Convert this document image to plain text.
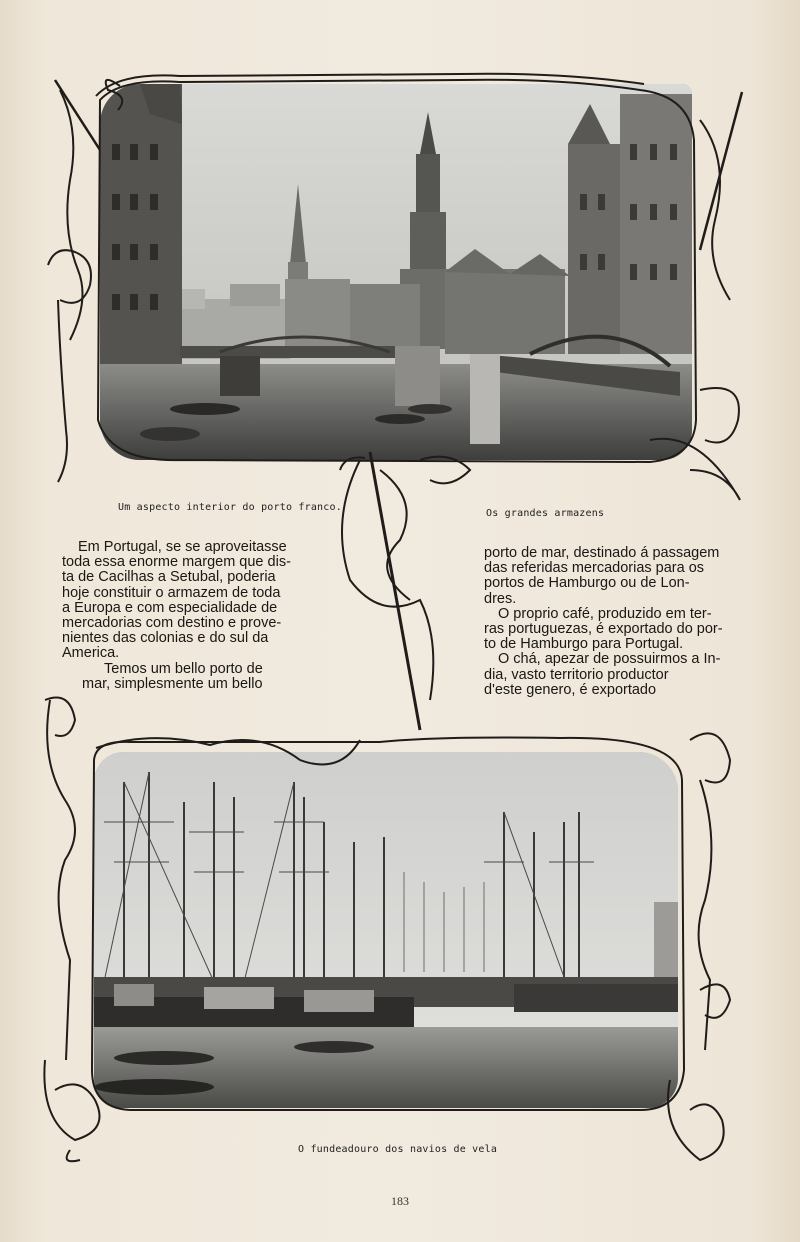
Um aspecto interior do porto franco.
Os grandes armazens
O fundeadouro dos navios de vela
Em Portugal, se se aproveitasse
toda essa enorme margem que dis-
ta de Cacilhas a Setubal, poderia
hoje constituir o armazem de toda
a Europa e com especialidade de
mercadorias com destino e prove-
nientes das colonias e do sul da
America.
Temos um bello porto de
mar, simplesmente um bello
porto de mar, destinado á passagem
das referidas mercadorias para os
portos de Hamburgo ou de Lon-
dres.
O proprio café, produzido em ter-
ras portuguezas, é exportado do por-
to de Hamburgo para Portugal.
O chá, apezar de possuirmos a In-
dia, vasto territorio productor
d'este genero, é exportado
183
